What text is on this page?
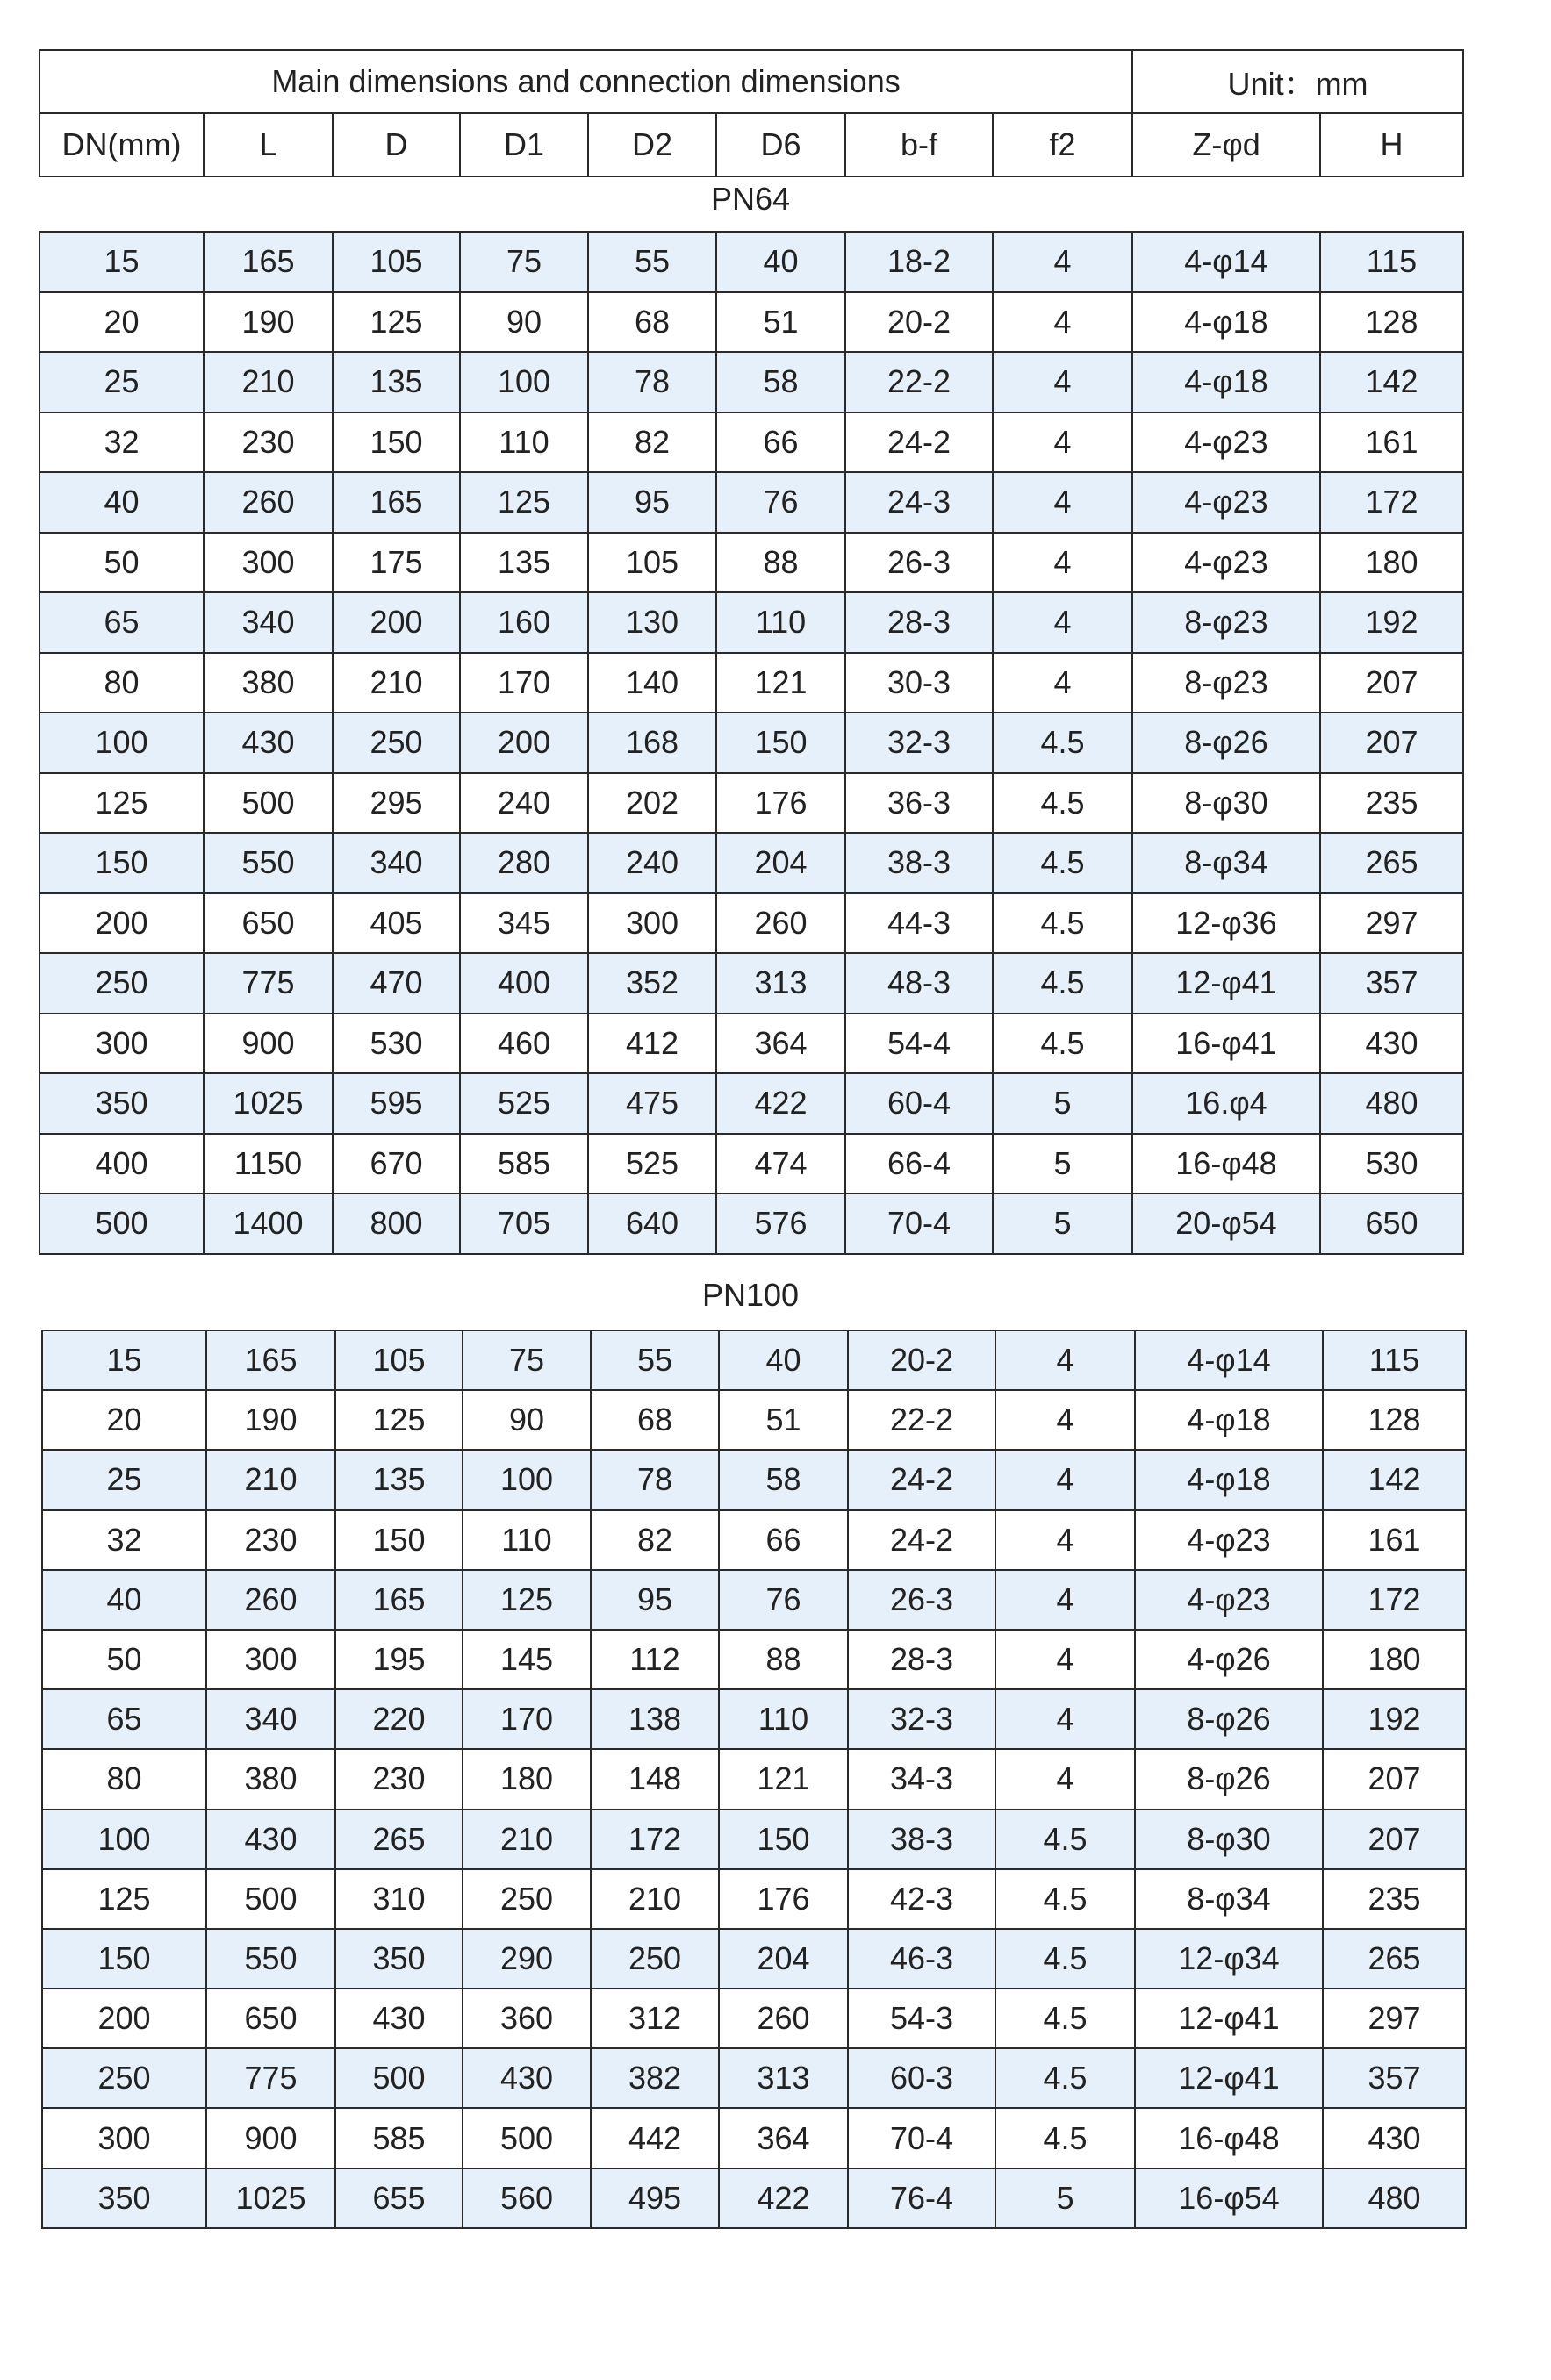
Main dimensions and connection dimensions								Unit：mm	
DN(mm)	L	D	D1	D2	D6	b-f	f2	Z-φd	H
PN64
15	165	105	75	55	40	18-2	4	4-φ14	115
20	190	125	90	68	51	20-2	4	4-φ18	128
25	210	135	100	78	58	22-2	4	4-φ18	142
32	230	150	110	82	66	24-2	4	4-φ23	161
40	260	165	125	95	76	24-3	4	4-φ23	172
50	300	175	135	105	88	26-3	4	4-φ23	180
65	340	200	160	130	110	28-3	4	8-φ23	192
80	380	210	170	140	121	30-3	4	8-φ23	207
100	430	250	200	168	150	32-3	4.5	8-φ26	207
125	500	295	240	202	176	36-3	4.5	8-φ30	235
150	550	340	280	240	204	38-3	4.5	8-φ34	265
200	650	405	345	300	260	44-3	4.5	12-φ36	297
250	775	470	400	352	313	48-3	4.5	12-φ41	357
300	900	530	460	412	364	54-4	4.5	16-φ41	430
350	1025	595	525	475	422	60-4	5	16.φ4	480
400	1150	670	585	525	474	66-4	5	16-φ48	530
500	1400	800	705	640	576	70-4	5	20-φ54	650
PN100
15	165	105	75	55	40	20-2	4	4-φ14	115
20	190	125	90	68	51	22-2	4	4-φ18	128
25	210	135	100	78	58	24-2	4	4-φ18	142
32	230	150	110	82	66	24-2	4	4-φ23	161
40	260	165	125	95	76	26-3	4	4-φ23	172
50	300	195	145	112	88	28-3	4	4-φ26	180
65	340	220	170	138	110	32-3	4	8-φ26	192
80	380	230	180	148	121	34-3	4	8-φ26	207
100	430	265	210	172	150	38-3	4.5	8-φ30	207
125	500	310	250	210	176	42-3	4.5	8-φ34	235
150	550	350	290	250	204	46-3	4.5	12-φ34	265
200	650	430	360	312	260	54-3	4.5	12-φ41	297
250	775	500	430	382	313	60-3	4.5	12-φ41	357
300	900	585	500	442	364	70-4	4.5	16-φ48	430
350	1025	655	560	495	422	76-4	5	16-φ54	480
